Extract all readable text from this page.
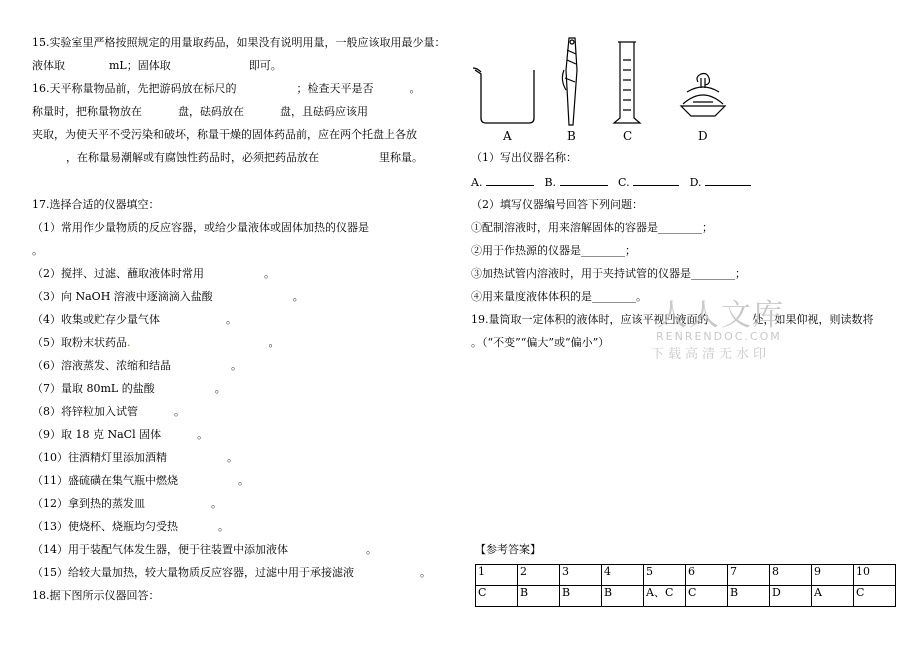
15.实验室里严格按照规定的用量取药品，如果没有说明用量，一般应该取用最少量：
液体取	mL；固体取	即可。
16.天平称量物品前，先把游码放在标尺的	；检查天平是否	。
称量时，把称量物放在	盘，砝码放在	盘，且砝码应该用
夹取，为使天平不受污染和破坏，称量干燥的固体药品前，应在两个托盘上各放
，在称量易潮解或有腐蚀性药品时，必须把药品放在	里称量。
17.选择合适的仪器填空：
（1）常用作少量物质的反应容器，或给少量液体或固体加热的仪器是
。
（2）搅拌、过滤、蘸取液体时常用	。
（3）向 NaOH 溶液中逐滴滴入盐酸	。
（4）收集或贮存少量气体	。
（5）取粉末状药品.	。
（6）溶液蒸发、浓缩和结晶	。
（7）量取 80mL 的盐酸	。
（8）将锌粒加入试管	。
（9）取 18 克 NaCl 固体	。
（10）往酒精灯里添加酒精	。
（11）盛硫磺在集气瓶中燃烧	。
（12）拿到热的蒸发皿	。
（13）使烧杯、烧瓶均匀受热	。
（14）用于装配气体发生器，便于往装置中添加液体	。
（15）给较大量加热，较大量物质反应容器，过滤中用于承接滤液	。
18.据下图所示仪器回答：
A	B	C	D
（1）写出仪器名称：
A.	B.	C.	D.
（2）填写仪器编号回答下列问题：
①配制溶液时，用来溶解固体的容器是________；
②用于作热源的仪器是________；
③加热试管内溶液时，用于夹持试管的仪器是________；
④用来量度液体体积的是________。
19.量筒取一定体积的液体时，应该平视凹液面的	处，如果仰视，则读数将
。（“不变”“偏大”或“偏小”）
人人文库
RENRENDOC.COM
下载高清无水印
【参考答案】
1	2	3	4	5	6	7	8	9	10
C	B	B	B	A、C	C	B	D	A	C
